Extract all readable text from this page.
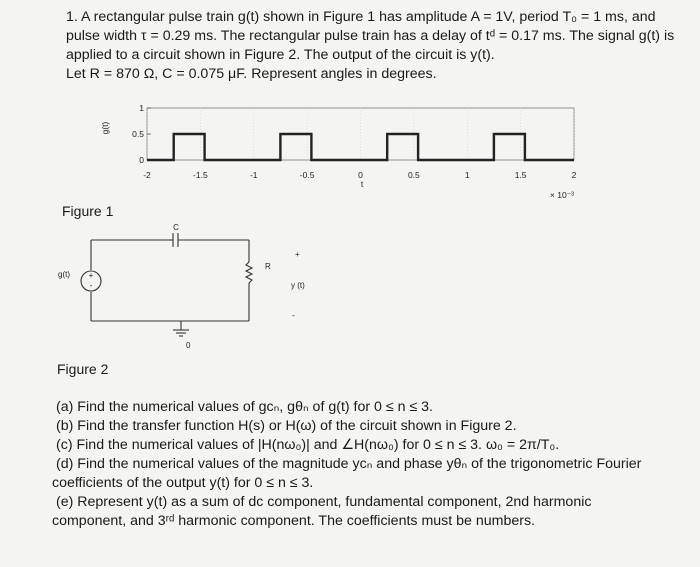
1. A rectangular pulse train g(t) shown in Figure 1 has amplitude A = 1V, period T₀ = 1 ms, and

pulse width τ = 0.29 ms. The rectangular pulse train has a delay of tᵈ = 0.17 ms. The signal g(t) is

applied to a circuit shown in Figure 2. The output of the circuit is y(t).

Let R = 870 Ω, C = 0.075 μF. Represent angles in degrees.

-2	-1.5	-1	-0.5	0	0.5	1	1.5	2
1
0.5
0
g(t)
t
× 10⁻³
+
-
g(t)
C
R
+
y (t)
-
0
Figure 1
Figure 2

(a) Find the numerical values of gcₙ, gθₙ of g(t) for 0 ≤ n ≤ 3.

(b) Find the transfer function H(s) or H(ω) of the circuit shown in Figure 2.

(c) Find the numerical values of |H(nω₀)| and ∠H(nω₀) for 0 ≤ n ≤ 3. ω₀ = 2π/T₀.

(d) Find the numerical values of the magnitude ycₙ and phase yθₙ of the trigonometric Fourier

coefficients of the output y(t) for 0 ≤ n ≤ 3.

(e) Represent y(t) as a sum of dc component, fundamental component, 2nd harmonic

component, and 3ʳᵈ harmonic component. The coefficients must be numbers.
